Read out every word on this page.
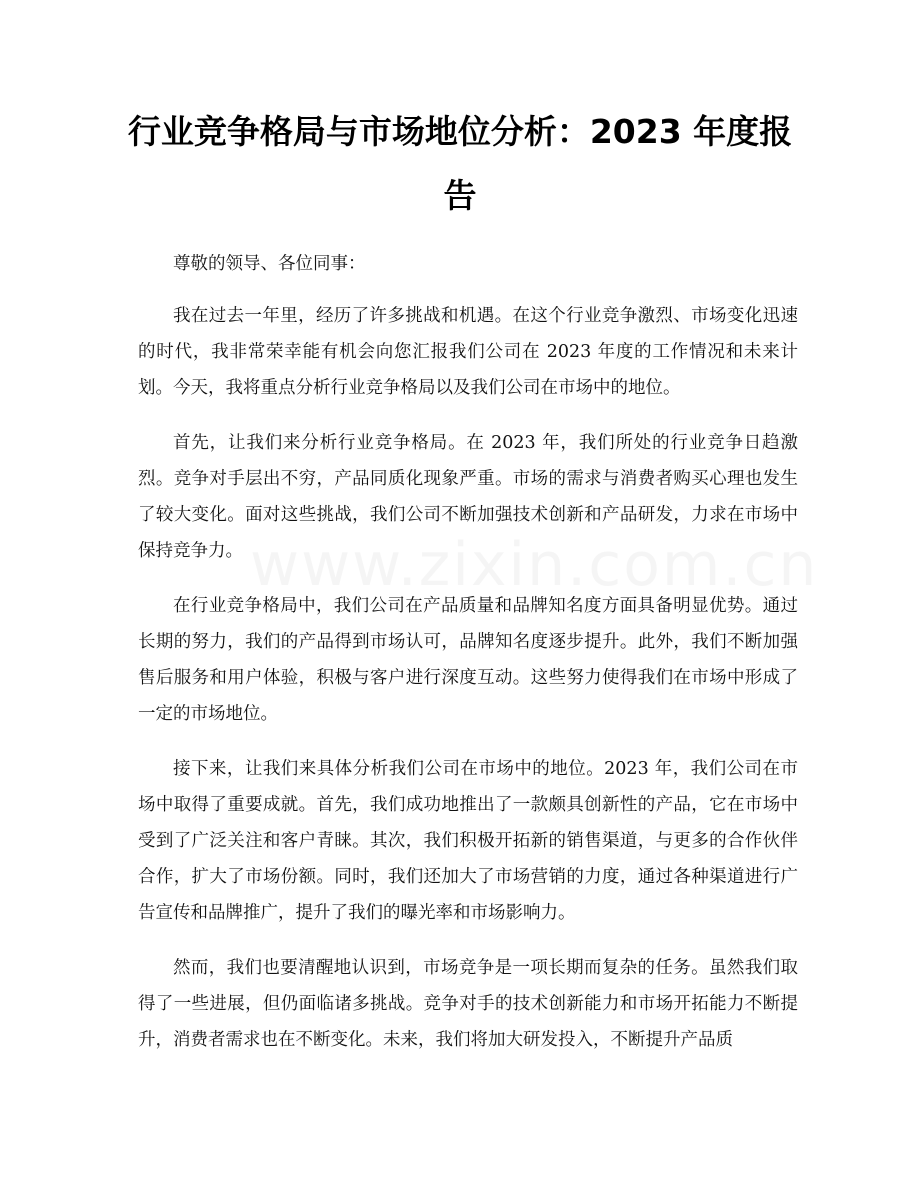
行业竞争格局与市场地位分析：2023 年度报告

尊敬的领导、各位同事：

我在过去一年里，经历了许多挑战和机遇。在这个行业竞争激烈、市场变化迅速的时代，我非常荣幸能有机会向您汇报我们公司在 2023 年度的工作情况和未来计划。今天，我将重点分析行业竞争格局以及我们公司在市场中的地位。

首先，让我们来分析行业竞争格局。在 2023 年，我们所处的行业竞争日趋激烈。竞争对手层出不穷，产品同质化现象严重。市场的需求与消费者购买心理也发生了较大变化。面对这些挑战，我们公司不断加强技术创新和产品研发，力求在市场中保持竞争力。

在行业竞争格局中，我们公司在产品质量和品牌知名度方面具备明显优势。通过长期的努力，我们的产品得到市场认可，品牌知名度逐步提升。此外，我们不断加强售后服务和用户体验，积极与客户进行深度互动。这些努力使得我们在市场中形成了一定的市场地位。

接下来，让我们来具体分析我们公司在市场中的地位。2023 年，我们公司在市场中取得了重要成就。首先，我们成功地推出了一款颇具创新性的产品，它在市场中受到了广泛关注和客户青睐。其次，我们积极开拓新的销售渠道，与更多的合作伙伴合作，扩大了市场份额。同时，我们还加大了市场营销的力度，通过各种渠道进行广告宣传和品牌推广，提升了我们的曝光率和市场影响力。

然而，我们也要清醒地认识到，市场竞争是一项长期而复杂的任务。虽然我们取得了一些进展，但仍面临诸多挑战。竞争对手的技术创新能力和市场开拓能力不断提升，消费者需求也在不断变化。未来，我们将加大研发投入，不断提升产品质

www.zixin.com.cn
